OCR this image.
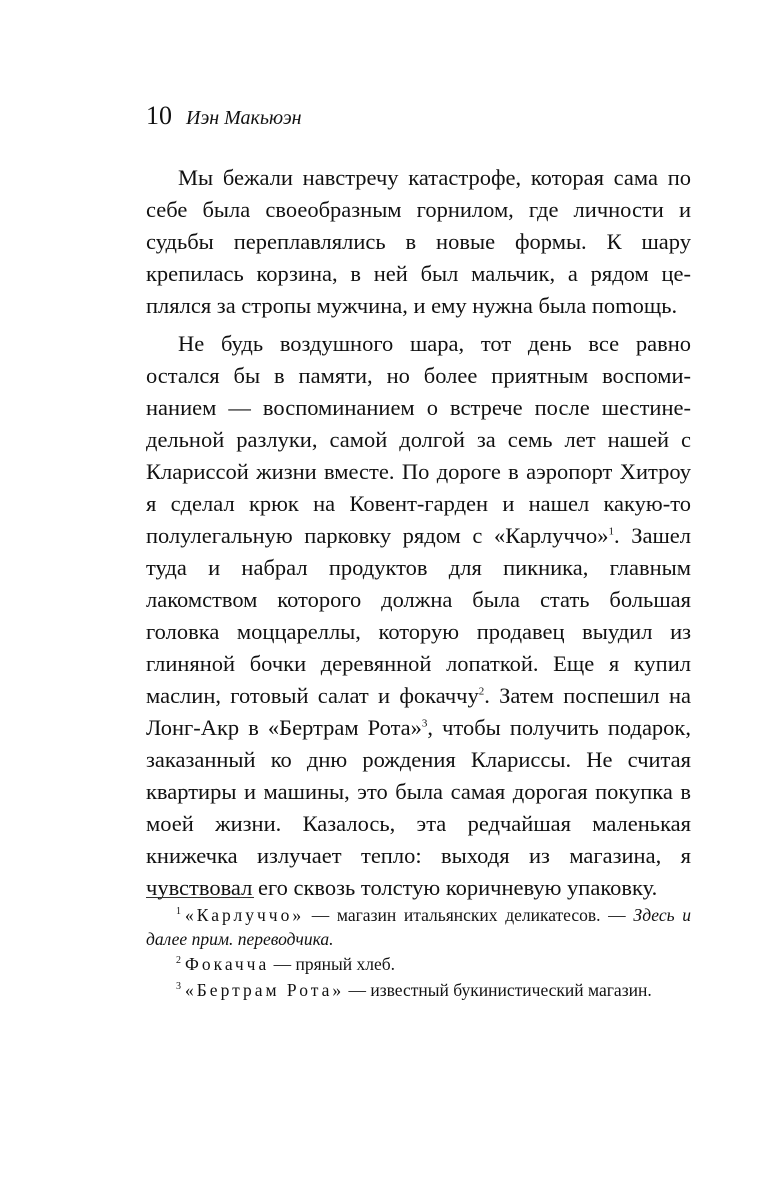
10 Иэн Макьюэн

Мы бежали навстречу катастрофе, которая сама по себе была своеобразным горнилом, где личности и судьбы переплавлялись в новые формы. К шару крепилась корзина, в ней был мальчик, а рядом цеплялся за стропы мужчина, и ему нужна была поmощь.

Не будь воздушного шара, тот день все равно остался бы в памяти, но более приятным воспоминанием — воспоминанием о встрече после шестинедельной разлуки, самой долгой за семь лет нашей с Клариссой жизни вместе. По дороге в аэропорт Хитроу я сделал крюк на Ковент-гарден и нашел какую-то полулегальную парковку рядом с «Карлуччо»$^1$. Зашел туда и набрал продуктов для пикника, главным лакомством которого должна была стать большая головка моццареллы, которую продавец выудил из глиняной бочки деревянной лопаткой. Еще я купил маслин, готовый салат и фокаччу$^2$. Затем поспешил на Лонг-Акр в «Бертрам Рота»$^3$, чтобы получить подарок, заказанный ко дню рождения Клариссы. Не считая квартиры и машины, это была самая дорогая покупка в моей жизни. Казалось, эта редчайшая маленькая книжечка излучает тепло: выходя из магазина, я чувствовал его сквозь толстую коричневую упаковку.

$^1$ «Карлуччо» — магазин итальянских деликатесов. — Здесь и далее прим. переводчика.

$^2$ Фокачча — пряный хлеб.

$^3$ «Бертрам Рота» — известный букинистический магазин.
